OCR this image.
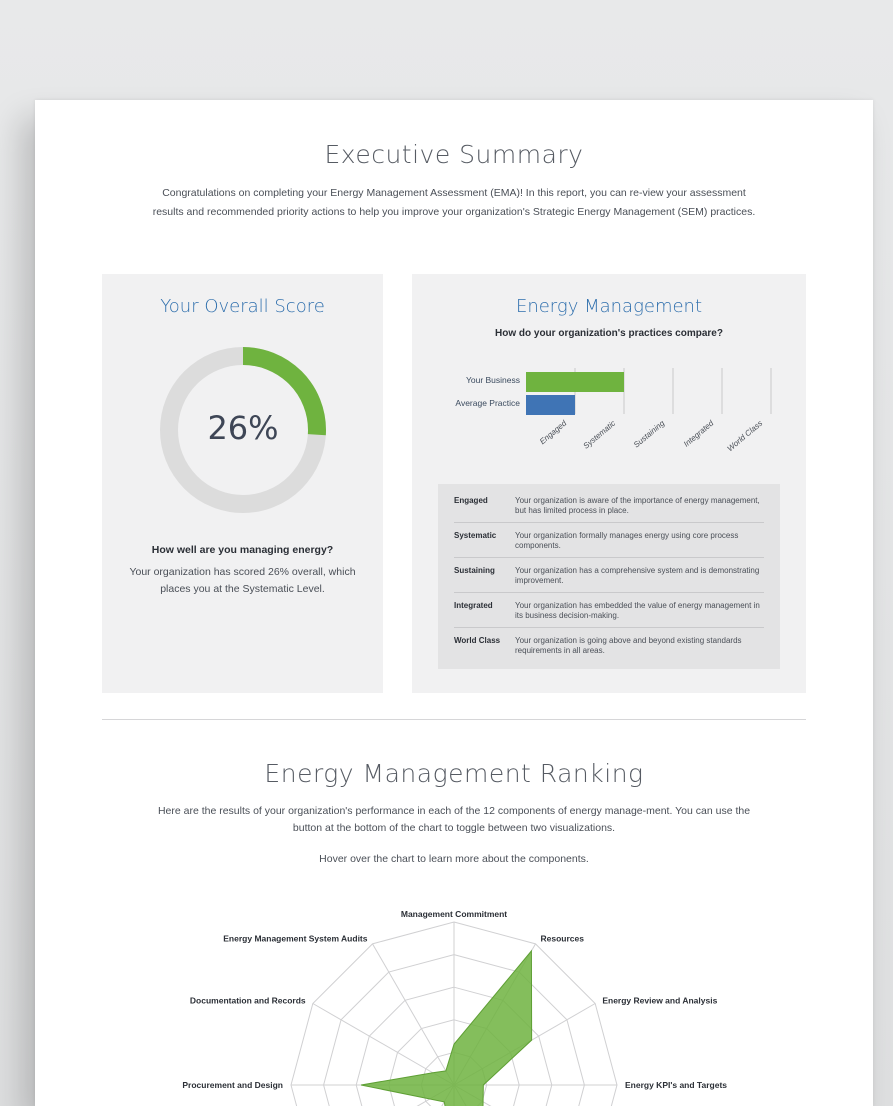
Executive Summary
Congratulations on completing your Energy Management Assessment (EMA)! In this report, you can re-view your assessment results and recommended priority actions to help you improve your organization's Strategic Energy Management (SEM) practices.
Your Overall Score
26%
How well are you managing energy?
Your organization has scored 26% overall, which places you at the Systematic Level.
Energy Management
How do your organization's practices compare?
Your Business
Average Practice
Engaged Systematic Sustaining Integrated World Class
Engaged	Your organization is aware of the importance of energy management, but has limited process in place.
Systematic	Your organization formally manages energy using core process components.
Sustaining	Your organization has a comprehensive system and is demonstrating improvement.
Integrated	Your organization has embedded the value of energy management in its business decision-making.
World Class	Your organization is going above and beyond existing standards requirements in all areas.
Energy Management Ranking
Here are the results of your organization's performance in each of the 12 components of energy manage-ment. You can use the button at the bottom of the chart to toggle between two visualizations.
Hover over the chart to learn more about the components.
Management Commitment
Resources
Energy Review and Analysis
Energy KPI's and Targets
Procurement and Design
Documentation and Records
Energy Management System Audits
